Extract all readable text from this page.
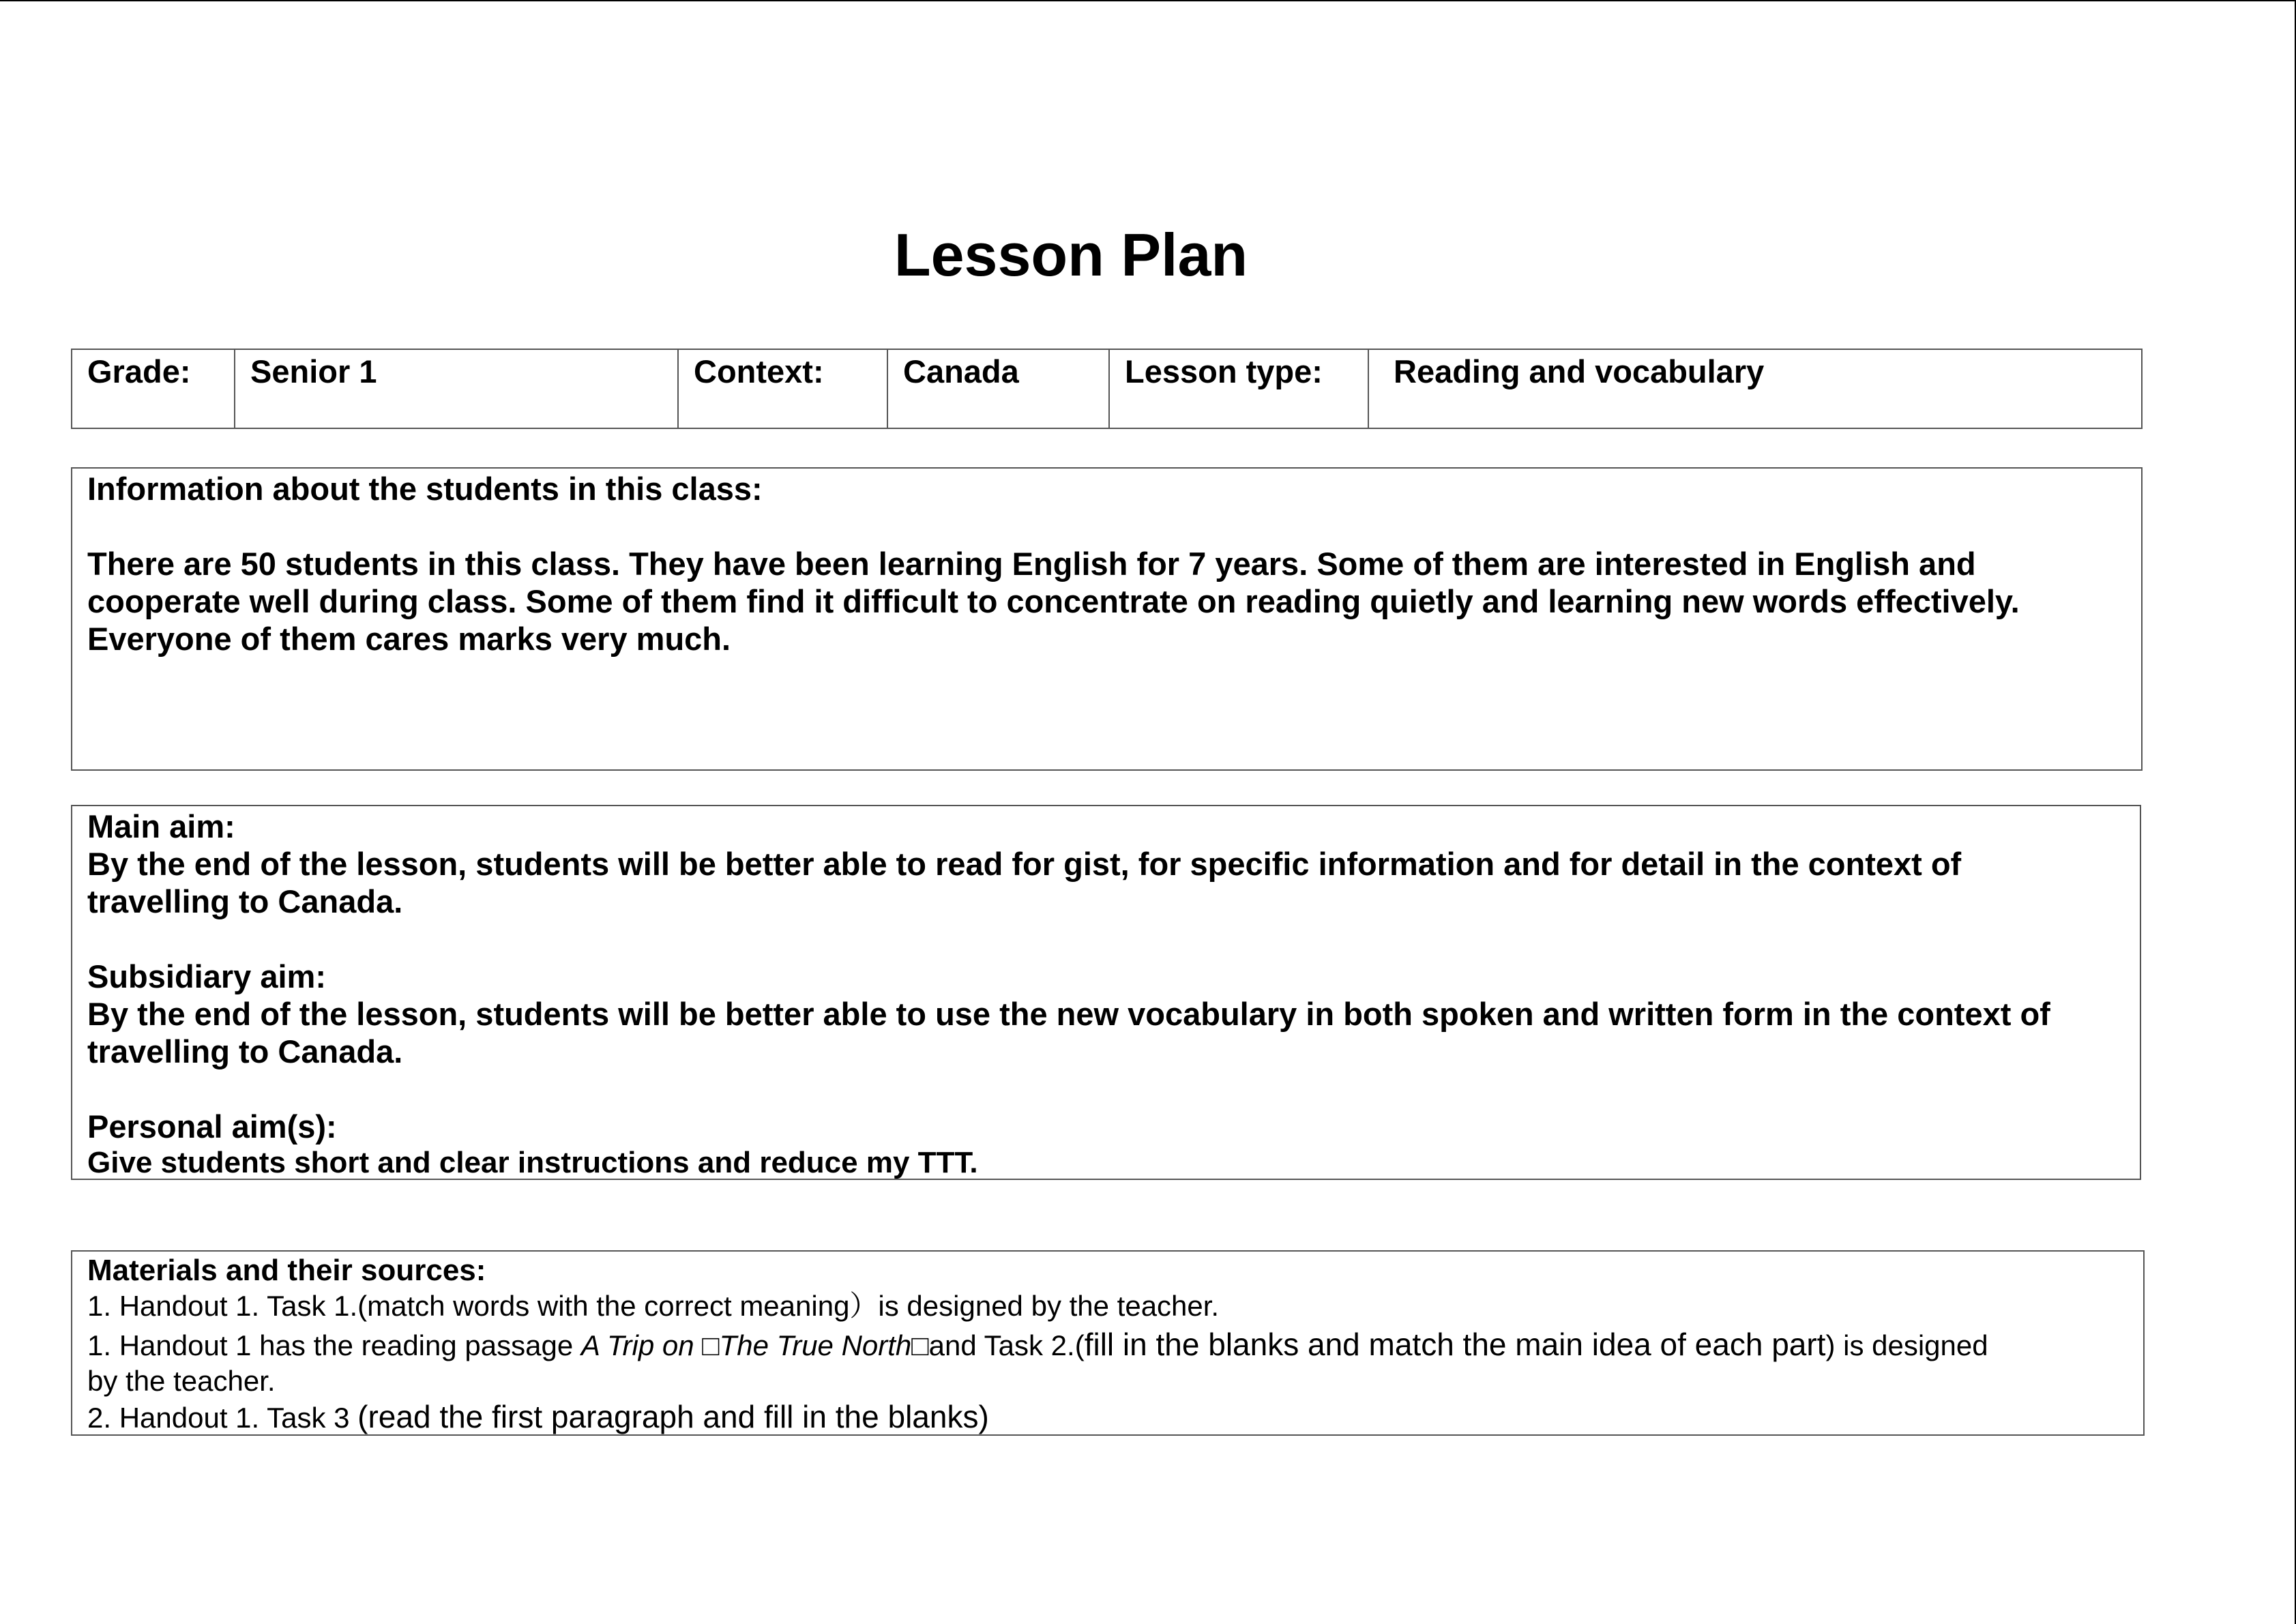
Lesson Plan
Grade:	Senior 1	Context:	Canada	Lesson type:	Reading and vocabulary

Information about the students in this class:

There are 50 students in this class. They have been learning English for 7 years. Some of them are interested in English and

cooperate well during class. Some of them find it difficult to concentrate on reading quietly and learning new words effectively.

Everyone of them cares marks very much.

Main aim:

By the end of the lesson, students will be better able to read for gist, for specific information and for detail in the context of

travelling to Canada.

Subsidiary aim:

By the end of the lesson, students will be better able to use the new vocabulary in both spoken and written form in the context of

travelling to Canada.

Personal aim(s):

Give students short and clear instructions and reduce my TTT.

Materials and their sources:

1. Handout 1. Task 1.(match words with the correct meaning）is designed by the teacher.

1. Handout 1 has the reading passage A Trip on □The True North□and Task 2.(fill in the blanks and match the main idea of each part) is designed

by the teacher.

2. Handout 1. Task 3 (read the first paragraph and fill in the blanks)
